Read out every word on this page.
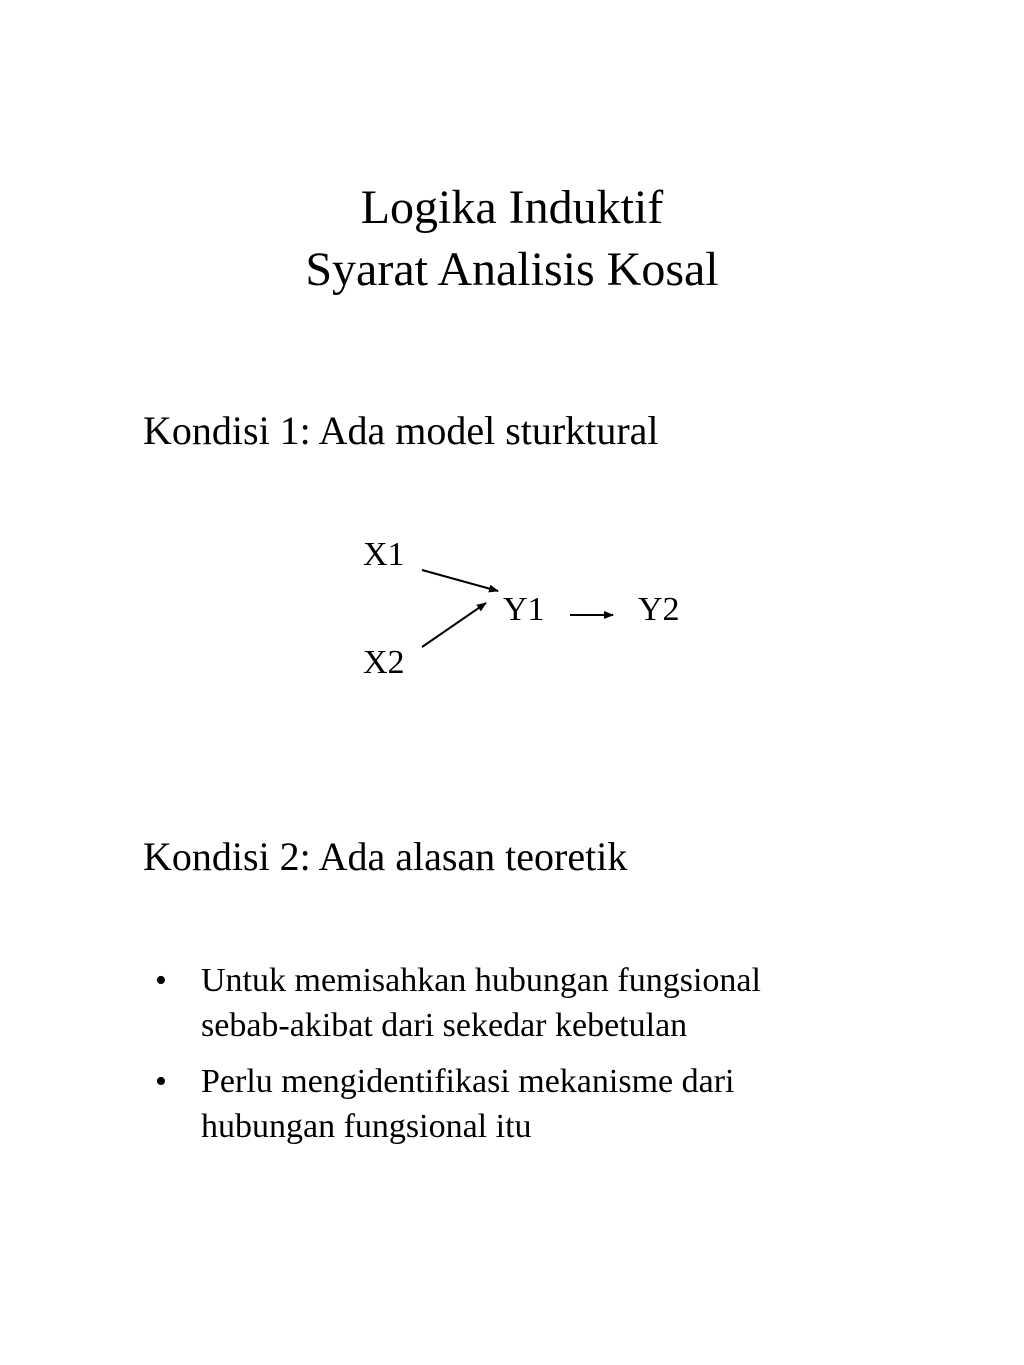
Logika Induktif
Syarat Analisis Kosal
Kondisi 1: Ada model sturktural
X1
X2
Y1	Y2
Kondisi 2: Ada alasan teoretik
• Untuk memisahkan hubungan fungsional sebab-akibat dari sekedar kebetulan
• Perlu mengidentifikasi mekanisme dari hubungan fungsional itu
